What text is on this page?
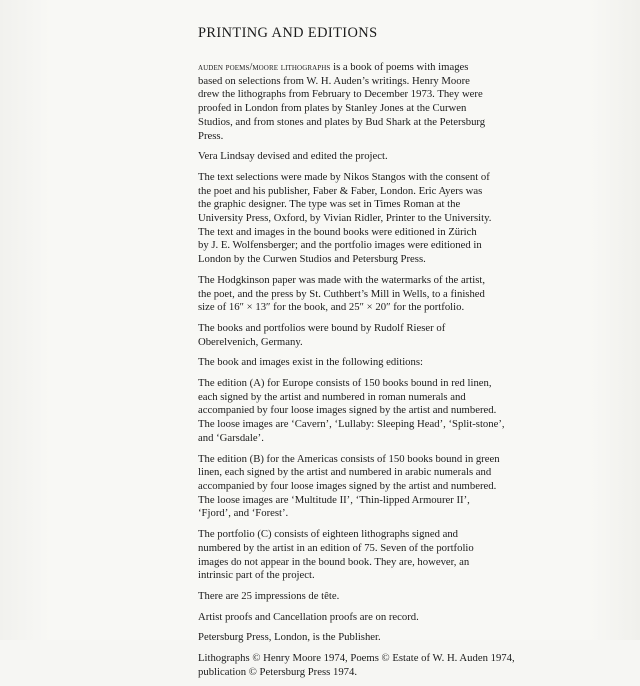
PRINTING AND EDITIONS

auden poems/moore lithographs is a book of poems with images
based on selections from W. H. Auden’s writings. Henry Moore
drew the lithographs from February to December 1973. They were
proofed in London from plates by Stanley Jones at the Curwen
Studios, and from stones and plates by Bud Shark at the Petersburg
Press.

Vera Lindsay devised and edited the project.

The text selections were made by Nikos Stangos with the consent of
the poet and his publisher, Faber & Faber, London. Eric Ayers was
the graphic designer. The type was set in Times Roman at the
University Press, Oxford, by Vivian Ridler, Printer to the University.
The text and images in the bound books were editioned in Zürich
by J. E. Wolfensberger; and the portfolio images were editioned in
London by the Curwen Studios and Petersburg Press.

The Hodgkinson paper was made with the watermarks of the artist,
the poet, and the press by St. Cuthbert’s Mill in Wells, to a finished
size of 16″ × 13″ for the book, and 25″ × 20″ for the portfolio.

The books and portfolios were bound by Rudolf Rieser of
Oberelvenich, Germany.

The book and images exist in the following editions:

The edition (A) for Europe consists of 150 books bound in red linen,
each signed by the artist and numbered in roman numerals and
accompanied by four loose images signed by the artist and numbered.
The loose images are ‘Cavern’, ‘Lullaby: Sleeping Head’, ‘Split-stone’,
and ‘Garsdale’.

The edition (B) for the Americas consists of 150 books bound in green
linen, each signed by the artist and numbered in arabic numerals and
accompanied by four loose images signed by the artist and numbered.
The loose images are ‘Multitude II’, ‘Thin-lipped Armourer II’,
‘Fjord’, and ‘Forest’.

The portfolio (C) consists of eighteen lithographs signed and
numbered by the artist in an edition of 75. Seven of the portfolio
images do not appear in the bound book. They are, however, an
intrinsic part of the project.

There are 25 impressions de tête.

Artist proofs and Cancellation proofs are on record.

Petersburg Press, London, is the Publisher.

Lithographs © Henry Moore 1974, Poems © Estate of W. H. Auden 1974,
publication © Petersburg Press 1974.
